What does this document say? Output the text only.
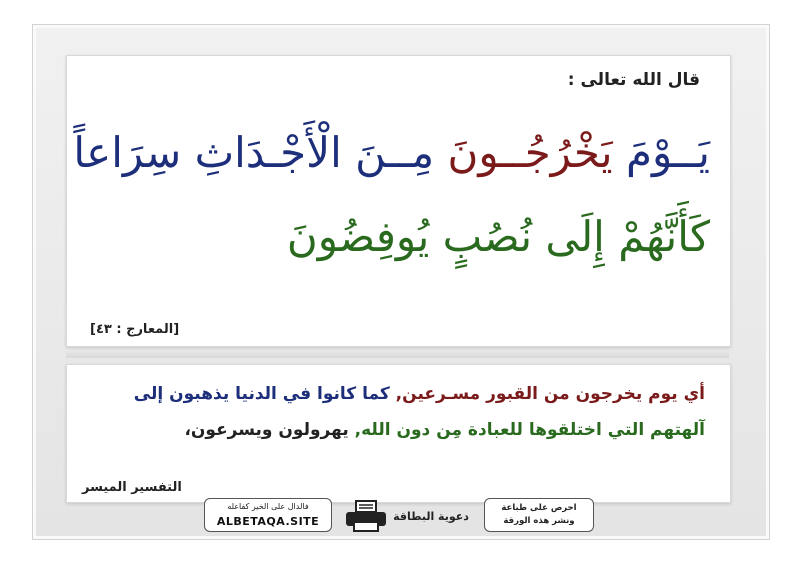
قال الله تعالى :
يَــوْمَ يَخْرُجُــونَ مِــنَ الْأَجْـدَاثِ سِرَاعاً
كَأَنَّهُمْ إِلَى نُصُبٍ يُوفِضُونَ
[المعارج : ٤٣]
أي يوم يخرجون من القبور مسـرعين, كما كانوا في الدنيا يذهبون إلى
آلهتهم التي اختلقوها للعبادة مِن دون الله, يهرولون ويسرعون،
التفسير الميسر
فالدال على الخير كفاعله
ALBETAQA.SITE	دعوية البطاقة
احرص على طباعة
ونشر هذه الورقة
